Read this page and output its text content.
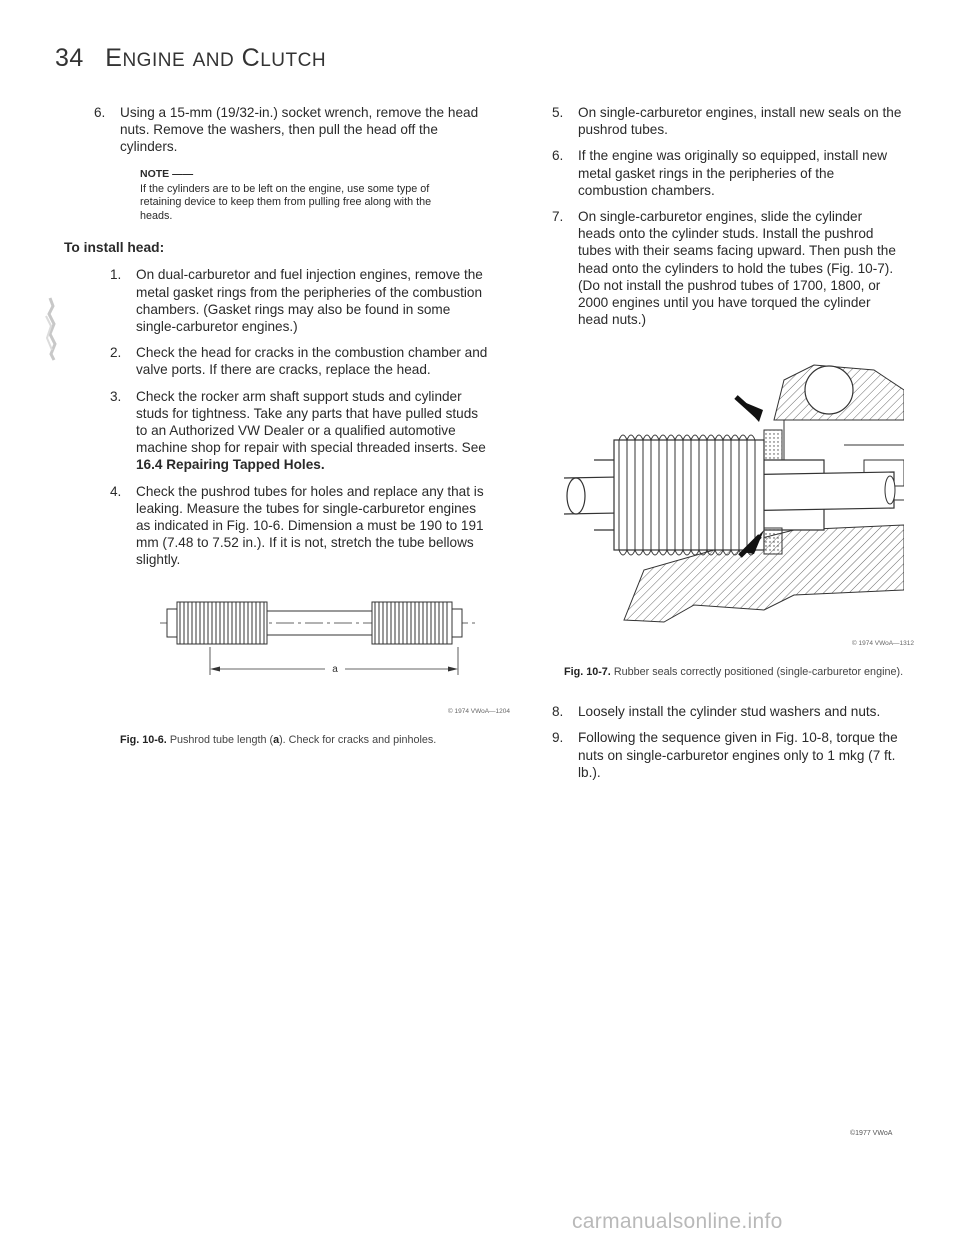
34 ENGINE AND CLUTCH
6. Using a 15-mm (19/32-in.) socket wrench, remove the head nuts. Remove the washers, then pull the head off the cylinders.
NOTE ——
If the cylinders are to be left on the engine, use some type of retaining device to keep them from pulling free along with the heads.
To install head:
1. On dual-carburetor and fuel injection engines, remove the metal gasket rings from the peripheries of the combustion chambers. (Gasket rings may also be found in some single-carburetor engines.)
2. Check the head for cracks in the combustion chamber and valve ports. If there are cracks, replace the head.
3. Check the rocker arm shaft support studs and cylinder studs for tightness. Take any parts that have pulled studs to an Authorized VW Dealer or a qualified automotive machine shop for repair with special threaded inserts. See 16.4 Repairing Tapped Holes.
4. Check the pushrod tubes for holes and replace any that is leaking. Measure the tubes for single-carburetor engines as indicated in Fig. 10-6. Dimension a must be 190 to 191 mm (7.48 to 7.52 in.). If it is not, stretch the tube bellows slightly.
a
© 1974 VWoA—1204
Fig. 10-6. Pushrod tube length (a). Check for cracks and pinholes.
5. On single-carburetor engines, install new seals on the pushrod tubes.
6. If the engine was originally so equipped, install new metal gasket rings in the peripheries of the combustion chambers.
7. On single-carburetor engines, slide the cylinder heads onto the cylinder studs. Install the pushrod tubes with their seams facing upward. Then push the head onto the cylinders to hold the tubes (Fig. 10-7). (Do not install the pushrod tubes of 1700, 1800, or 2000 engines until you have torqued the cylinder head nuts.)
© 1974 VWoA—1312
Fig. 10-7. Rubber seals correctly positioned (single-carburetor engine).
8. Loosely install the cylinder stud washers and nuts.
9. Following the sequence given in Fig. 10-8, torque the nuts on single-carburetor engines only to 1 mkg (7 ft. lb.).
©1977 VWoA
carmanualsonline.info
